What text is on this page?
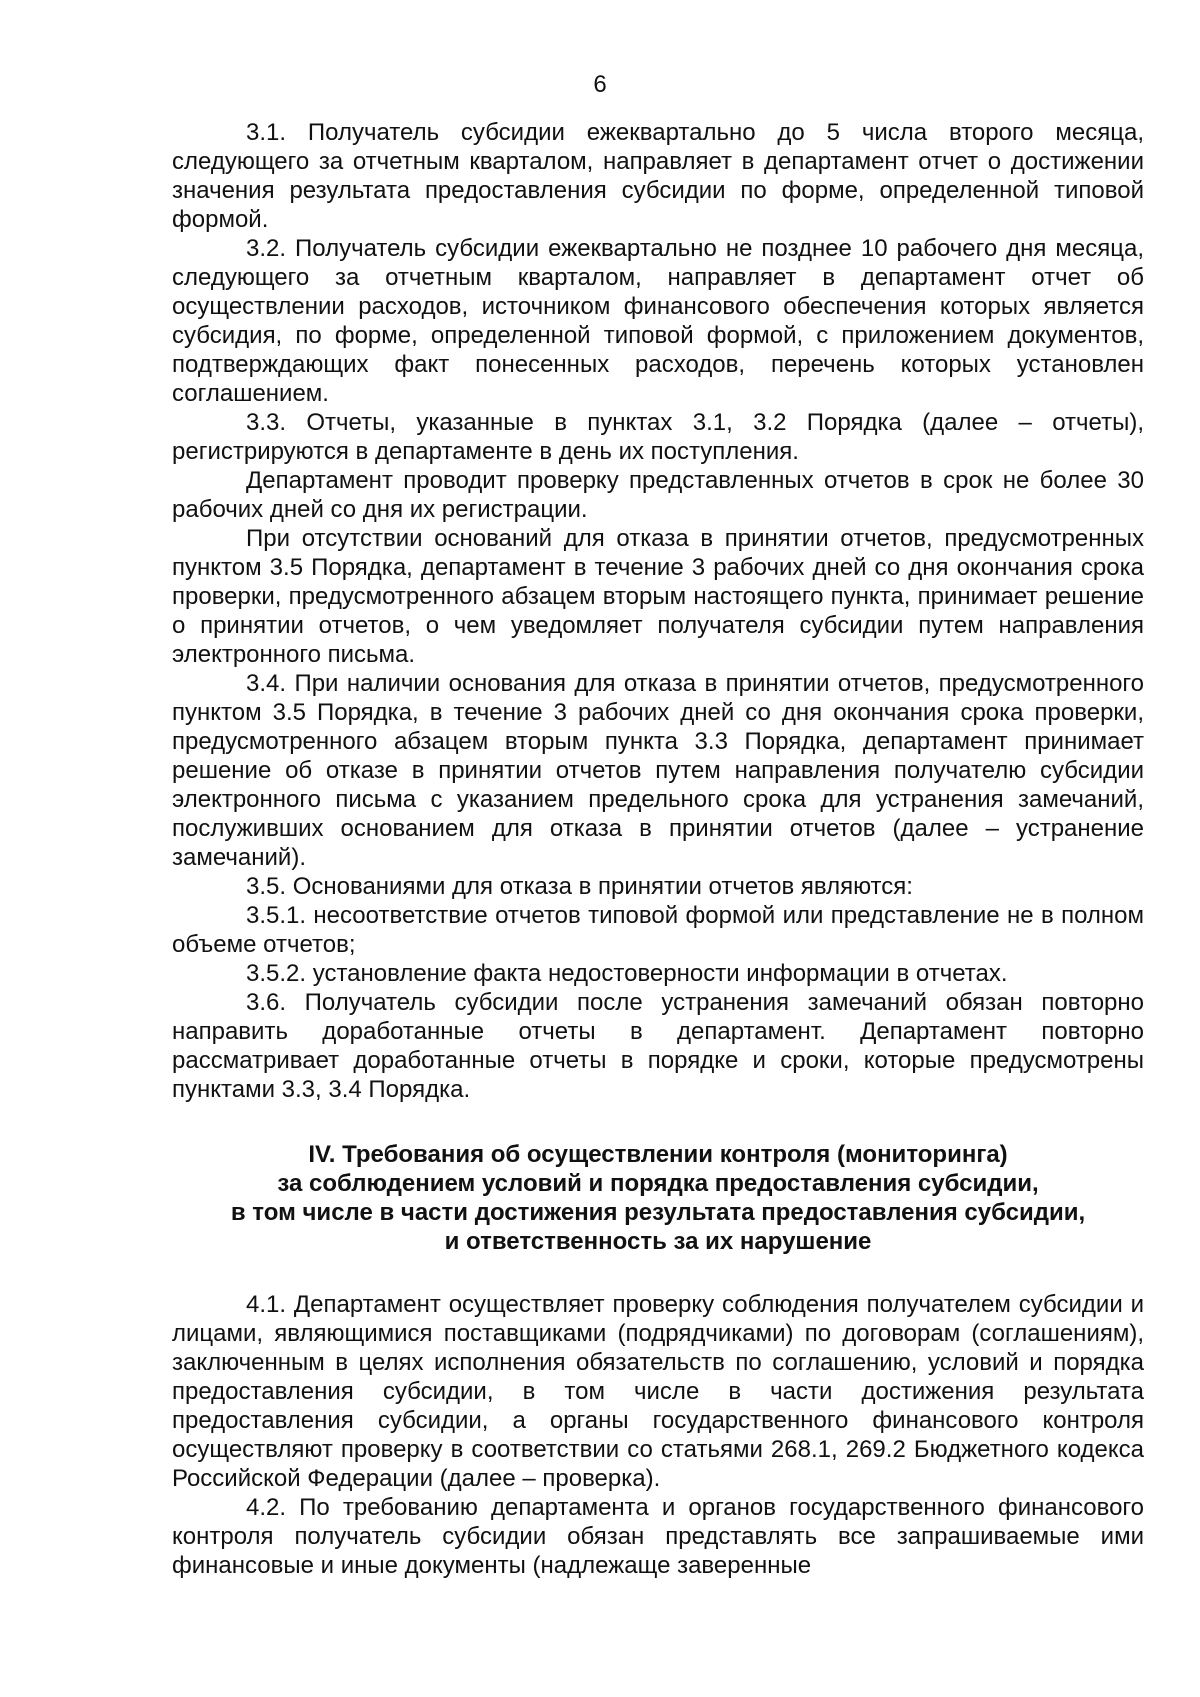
6

3.1. Получатель субсидии ежеквартально до 5 числа второго месяца, следующего за отчетным кварталом, направляет в департамент отчет о достижении значения результата предоставления субсидии по форме, определенной типовой формой.

3.2. Получатель субсидии ежеквартально не позднее 10 рабочего дня месяца, следующего за отчетным кварталом, направляет в департамент отчет об осуществлении расходов, источником финансового обеспечения которых является субсидия, по форме, определенной типовой формой, с приложением документов, подтверждающих факт понесенных расходов, перечень которых установлен соглашением.

3.3. Отчеты, указанные в пунктах 3.1, 3.2 Порядка (далее – отчеты), регистрируются в департаменте в день их поступления.

Департамент проводит проверку представленных отчетов в срок не более 30 рабочих дней со дня их регистрации.

При отсутствии оснований для отказа в принятии отчетов, предусмотренных пунктом 3.5 Порядка, департамент в течение 3 рабочих дней со дня окончания срока проверки, предусмотренного абзацем вторым настоящего пункта, принимает решение о принятии отчетов, о чем уведомляет получателя субсидии путем направления электронного письма.

3.4. При наличии основания для отказа в принятии отчетов, предусмотренного пунктом 3.5 Порядка, в течение 3 рабочих дней со дня окончания срока проверки, предусмотренного абзацем вторым пункта 3.3 Порядка, департамент принимает решение об отказе в принятии отчетов путем направления получателю субсидии электронного письма с указанием предельного срока для устранения замечаний, послуживших основанием для отказа в принятии отчетов (далее – устранение замечаний).

3.5. Основаниями для отказа в принятии отчетов являются:

3.5.1. несоответствие отчетов типовой формой или представление не в полном объеме отчетов;

3.5.2. установление факта недостоверности информации в отчетах.

3.6. Получатель субсидии после устранения замечаний обязан повторно направить доработанные отчеты в департамент. Департамент повторно рассматривает доработанные отчеты в порядке и сроки, которые предусмотрены пунктами 3.3, 3.4 Порядка.

IV. Требования об осуществлении контроля (мониторинга)
за соблюдением условий и порядка предоставления субсидии,
в том числе в части достижения результата предоставления субсидии,
и ответственность за их нарушение

4.1. Департамент осуществляет проверку соблюдения получателем субсидии и лицами, являющимися поставщиками (подрядчиками) по договорам (соглашениям), заключенным в целях исполнения обязательств по соглашению, условий и порядка предоставления субсидии, в том числе в части достижения результата предоставления субсидии, а органы государственного финансового контроля осуществляют проверку в соответствии со статьями 268.1, 269.2 Бюджетного кодекса Российской Федерации (далее – проверка).

4.2. По требованию департамента и органов государственного финансового контроля получатель субсидии обязан представлять все запрашиваемые ими финансовые и иные документы (надлежаще заверенные
